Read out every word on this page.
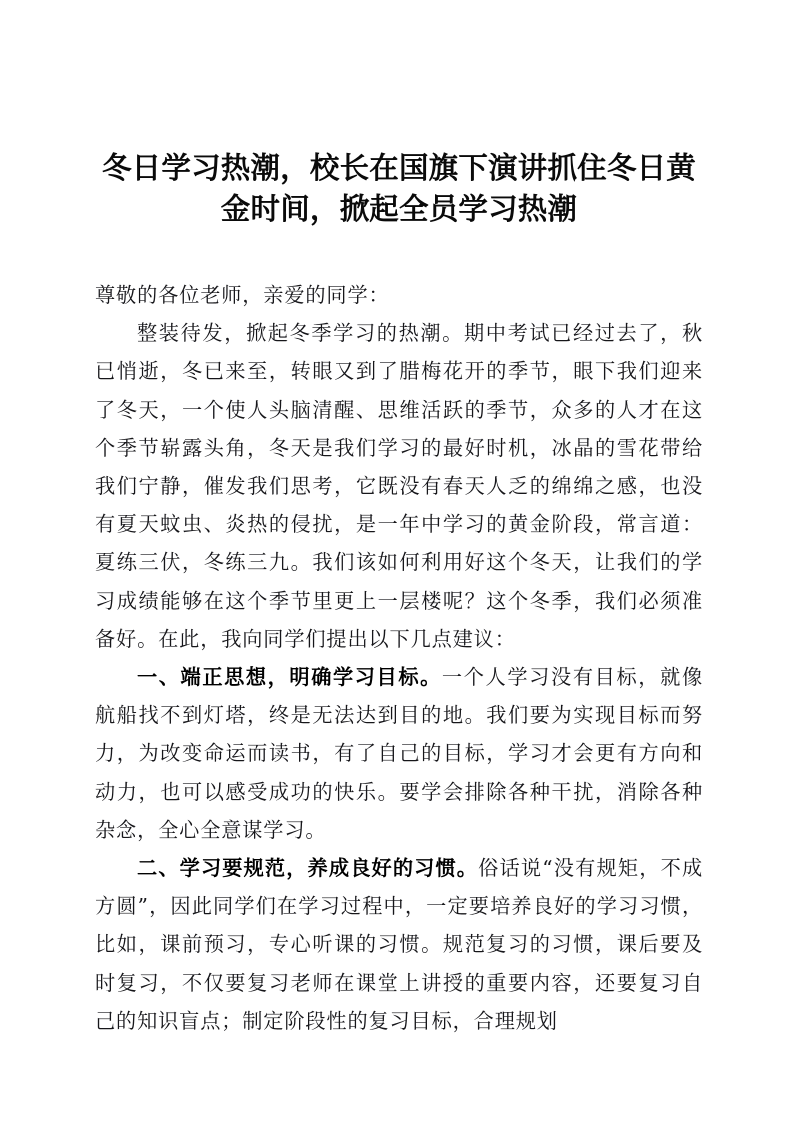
冬日学习热潮，校长在国旗下演讲抓住冬日黄金时间，掀起全员学习热潮

尊敬的各位老师，亲爱的同学：

整装待发，掀起冬季学习的热潮。期中考试已经过去了，秋已悄逝，冬已来至，转眼又到了腊梅花开的季节，眼下我们迎来了冬天，一个使人头脑清醒、思维活跃的季节，众多的人才在这个季节崭露头角，冬天是我们学习的最好时机，冰晶的雪花带给我们宁静，催发我们思考，它既没有春天人乏的绵绵之感，也没有夏天蚊虫、炎热的侵扰，是一年中学习的黄金阶段，常言道：夏练三伏，冬练三九。我们该如何利用好这个冬天，让我们的学习成绩能够在这个季节里更上一层楼呢？这个冬季，我们必须准备好。在此，我向同学们提出以下几点建议：

一、端正思想，明确学习目标。一个人学习没有目标，就像航船找不到灯塔，终是无法达到目的地。我们要为实现目标而努力，为改变命运而读书，有了自己的目标，学习才会更有方向和动力，也可以感受成功的快乐。要学会排除各种干扰，消除各种杂念，全心全意谋学习。

二、学习要规范，养成良好的习惯。俗话说“没有规矩，不成方圆”，因此同学们在学习过程中，一定要培养良好的学习习惯，比如，课前预习，专心听课的习惯。规范复习的习惯，课后要及时复习，不仅要复习老师在课堂上讲授的重要内容，还要复习自己的知识盲点；制定阶段性的复习目标，合理规划
